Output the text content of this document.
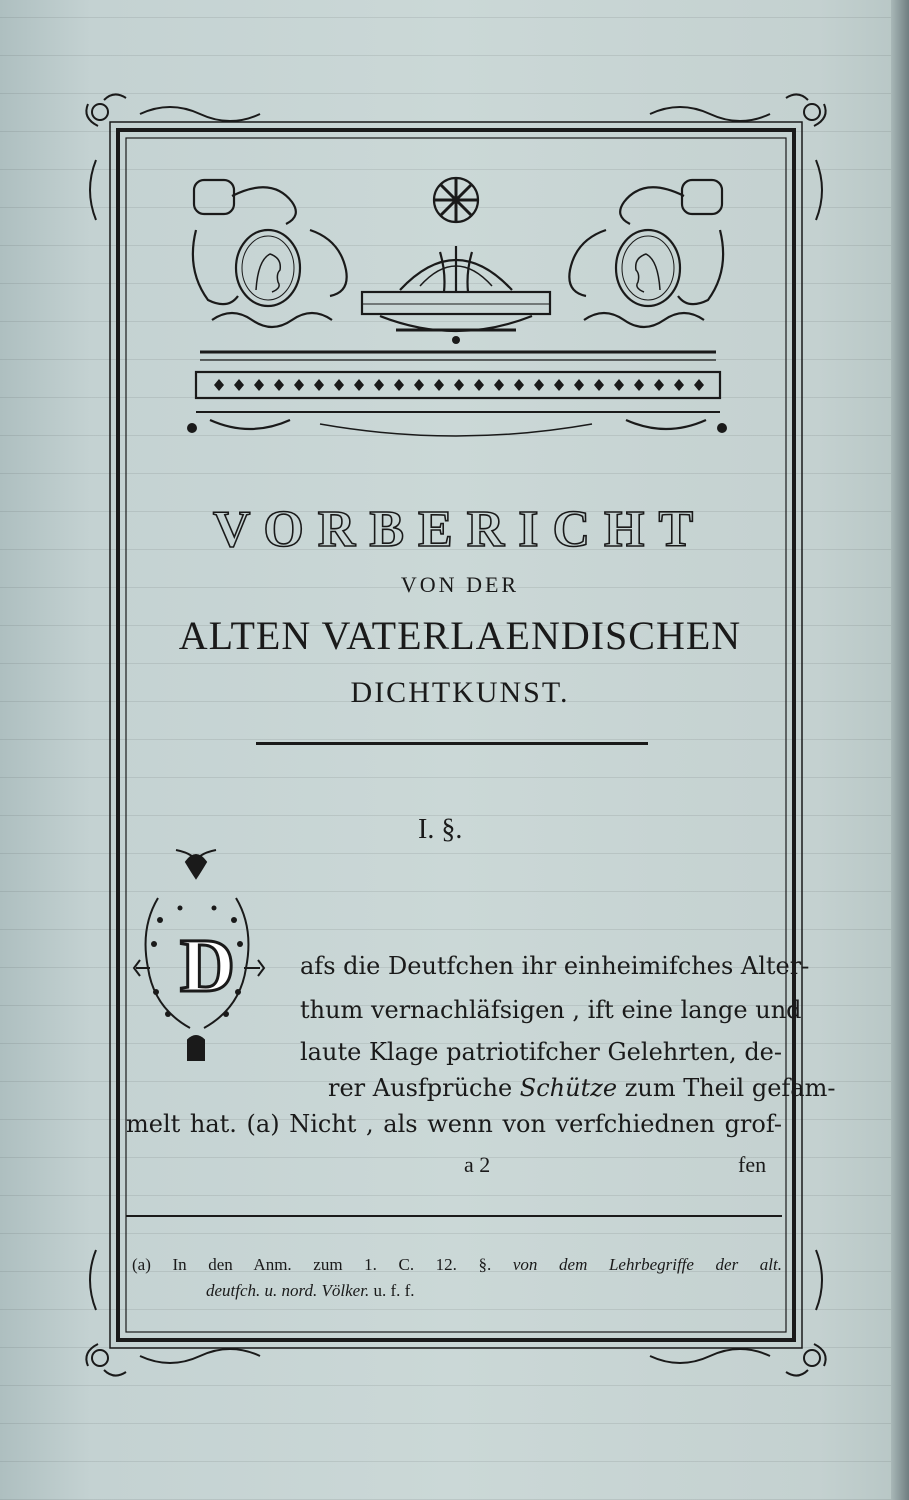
D
VORBERICHT
VON DER
ALTEN VATERLAENDISCHEN
DICHTKUNST.
I. §.
afs die Deutfchen ihr einheimifches Alter-
thum vernachläfsigen , ift eine lange und
laute Klage patriotifcher Gelehrten, de-
rer Ausfprüche Schütze zum Theil gefam-
melt hat. (a) Nicht , als wenn von verfchiednen grof-
a 2	fen
(a) In den Anm. zum 1. C. 12. §. von dem Lehrbegriffe der alt.
deutfch. u. nord. Völker. u. f. f.
